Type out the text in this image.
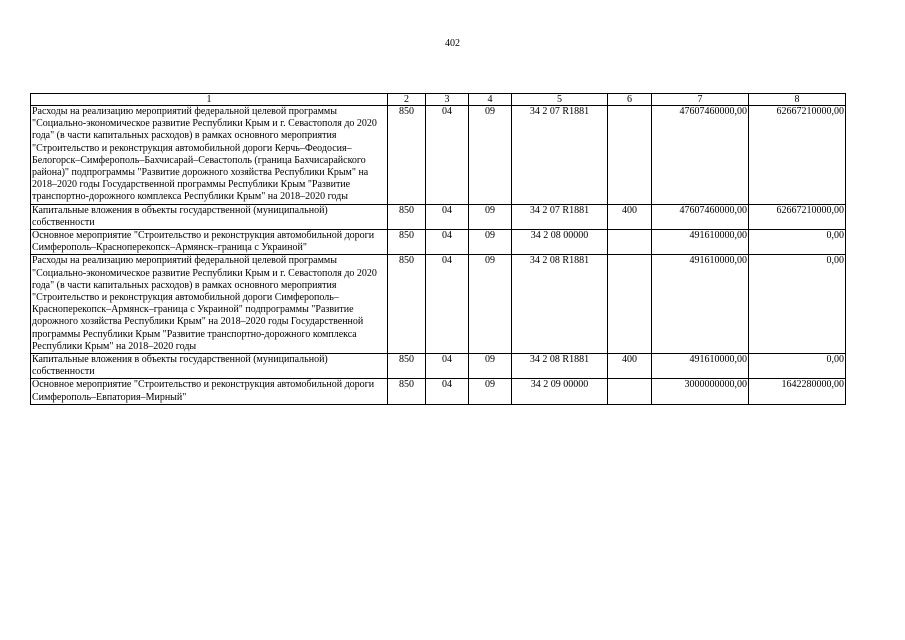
402
1	2	3	4	5	6	7	8
Расходы на реализацию мероприятий федеральной целевой программы "Социально-экономическое развитие Республики Крым и г. Севастополя до 2020 года" (в части капитальных расходов) в рамках основного мероприятия "Строительство и реконструкция автомобильной дороги Керчь–Феодосия–Белогорск–Симферополь–Бахчисарай–Севастополь (граница Бахчисарайского района)" подпрограммы "Развитие дорожного хозяйства Республики Крым" на 2018–2020 годы Государственной программы Республики Крым "Развитие транспортно-дорожного комплекса Республики Крым" на 2018–2020 годы	850	04	09	34 2 07 R1881		47607460000,00	62667210000,00
Капитальные вложения в объекты государственной (муниципальной) собственности	850	04	09	34 2 07 R1881	400	47607460000,00	62667210000,00
Основное мероприятие "Строительство и реконструкция автомобильной дороги Симферополь–Красноперекопск–Армянск–граница с Украиной"	850	04	09	34 2 08 00000		491610000,00	0,00
Расходы на реализацию мероприятий федеральной целевой программы "Социально-экономическое развитие Республики Крым и г. Севастополя до 2020 года" (в части капитальных расходов) в рамках основного мероприятия "Строительство и реконструкция автомобильной дороги Симферополь–Красноперекопск–Армянск–граница с Украиной" подпрограммы "Развитие дорожного хозяйства Республики Крым" на 2018–2020 годы Государственной программы Республики Крым "Развитие транспортно-дорожного комплекса Республики Крым" на 2018–2020 годы	850	04	09	34 2 08 R1881		491610000,00	0,00
Капитальные вложения в объекты государственной (муниципальной) собственности	850	04	09	34 2 08 R1881	400	491610000,00	0,00
Основное мероприятие "Строительство и реконструкция автомобильной дороги Симферополь–Евпатория–Мирный"	850	04	09	34 2 09 00000		3000000000,00	1642280000,00
